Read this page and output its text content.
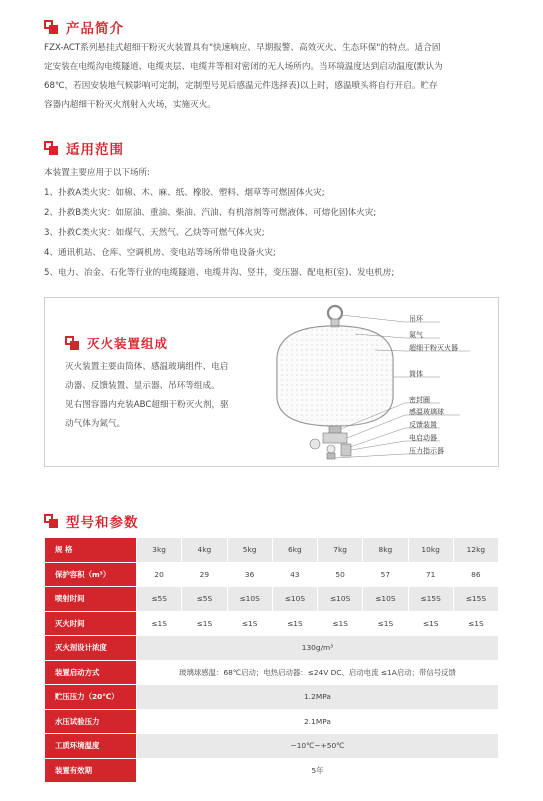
产品简介
FZX-ACT系列悬挂式超细干粉灭火装置具有"快速响应、早期报警、高效灭火、生态环保"的特点。适合固
定安装在电缆沟电缆隧道、电缆夹层、电缆井等相对密闭的无人场所内。当环境温度达到启动温度(默认为
68℃，若因安装地气候影响可定制，定制型号见后感温元件选择表)以上时，感温喷头将自行开启。贮存
容器内超细干粉灭火剂射入火场，实施灭火。
适用范围
本装置主要应用于以下场所:
1、扑救A类火灾：如棉、木、麻、纸、橡胶、塑料、烟草等可燃固体火灾;
2、扑救B类火灾：如原油、重油、柴油、汽油、有机溶剂等可燃液体、可熔化固体火灾;
3、扑救C类火灾：如煤气、天然气、乙炔等可燃气体火灾;
4、通讯机站、仓库、空调机房、变电站等场所带电设备火灾;
5、电力、冶金、石化等行业的电缆隧道、电缆井沟、竖井，变压器、配电柜(室)、发电机房;
灭火装置组成
灭火装置主要由筒体、感温玻璃组件、电启
动器、反馈装置、显示器、吊环等组成。
见右图容器内充装ABC超细干粉灭火剂，驱
动气体为氮气。
吊环
氮气
超细干粉灭火器
筒体
密封圈
感温玻璃球
反馈装置
电启动器
压力指示器
型号和参数
规 格	3kg	4kg	5kg	6kg	7kg	8kg	10kg	12kg
保护容积（m³）	20	29	36	43	50	57	71	86
喷射时间	≤5S	≤5S	≤10S	≤10S	≤10S	≤10S	≤15S	≤15S
灭火时间	≤1S	≤1S	≤1S	≤1S	≤1S	≤1S	≤1S	≤1S
灭火剂设计浓度	130g/m³							
装置启动方式	玻璃球感温：68℃启动；电热启动器：≤24V DC、启动电流 ≤1A启动；带信号反馈							
贮压压力（20℃）	1.2MPa							
水压试验压力	2.1MPa							
工质环境温度	−10℃~+50℃							
装置有效期	5年							
